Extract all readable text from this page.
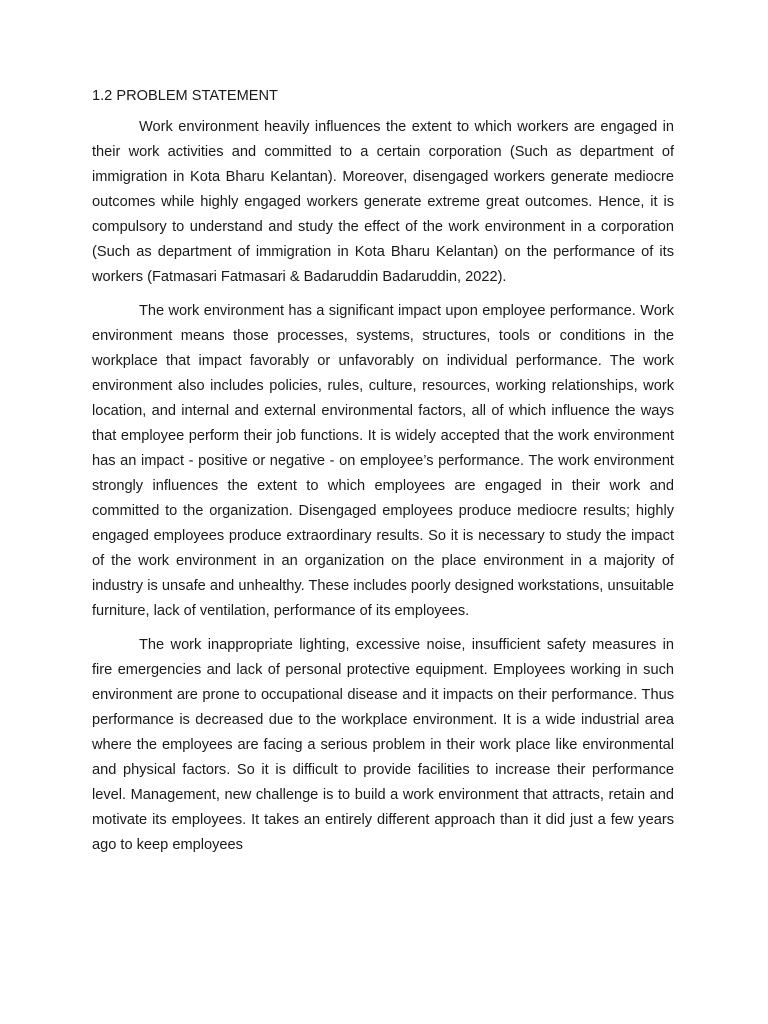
1.2 PROBLEM STATEMENT

Work environment heavily influences the extent to which workers are engaged in their work activities and committed to a certain corporation (Such as department of immigration in Kota Bharu Kelantan). Moreover, disengaged workers generate mediocre outcomes while highly engaged workers generate extreme great outcomes. Hence, it is compulsory to understand and study the effect of the work environment in a corporation (Such as department of immigration in Kota Bharu Kelantan) on the performance of its workers (Fatmasari Fatmasari & Badaruddin Badaruddin, 2022).

The work environment has a significant impact upon employee performance. Work environment means those processes, systems, structures, tools or conditions in the workplace that impact favorably or unfavorably on individual performance. The work environment also includes policies, rules, culture, resources, working relationships, work location, and internal and external environmental factors, all of which influence the ways that employee perform their job functions. It is widely accepted that the work environment has an impact - positive or negative - on employee’s performance. The work environment strongly influences the extent to which employees are engaged in their work and committed to the organization. Disengaged employees produce mediocre results; highly engaged employees produce extraordinary results. So it is necessary to study the impact of the work environment in an organization on the place environment in a majority of industry is unsafe and unhealthy. These includes poorly designed workstations, unsuitable furniture, lack of ventilation, performance of its employees.

The work inappropriate lighting, excessive noise, insufficient safety measures in fire emergencies and lack of personal protective equipment. Employees working in such environment are prone to occupational disease and it impacts on their performance. Thus performance is decreased due to the workplace environment. It is a wide industrial area where the employees are facing a serious problem in their work place like environmental and physical factors. So it is difficult to provide facilities to increase their performance level. Management, new challenge is to build a work environment that attracts, retain and motivate its employees. It takes an entirely different approach than it did just a few years ago to keep employees
